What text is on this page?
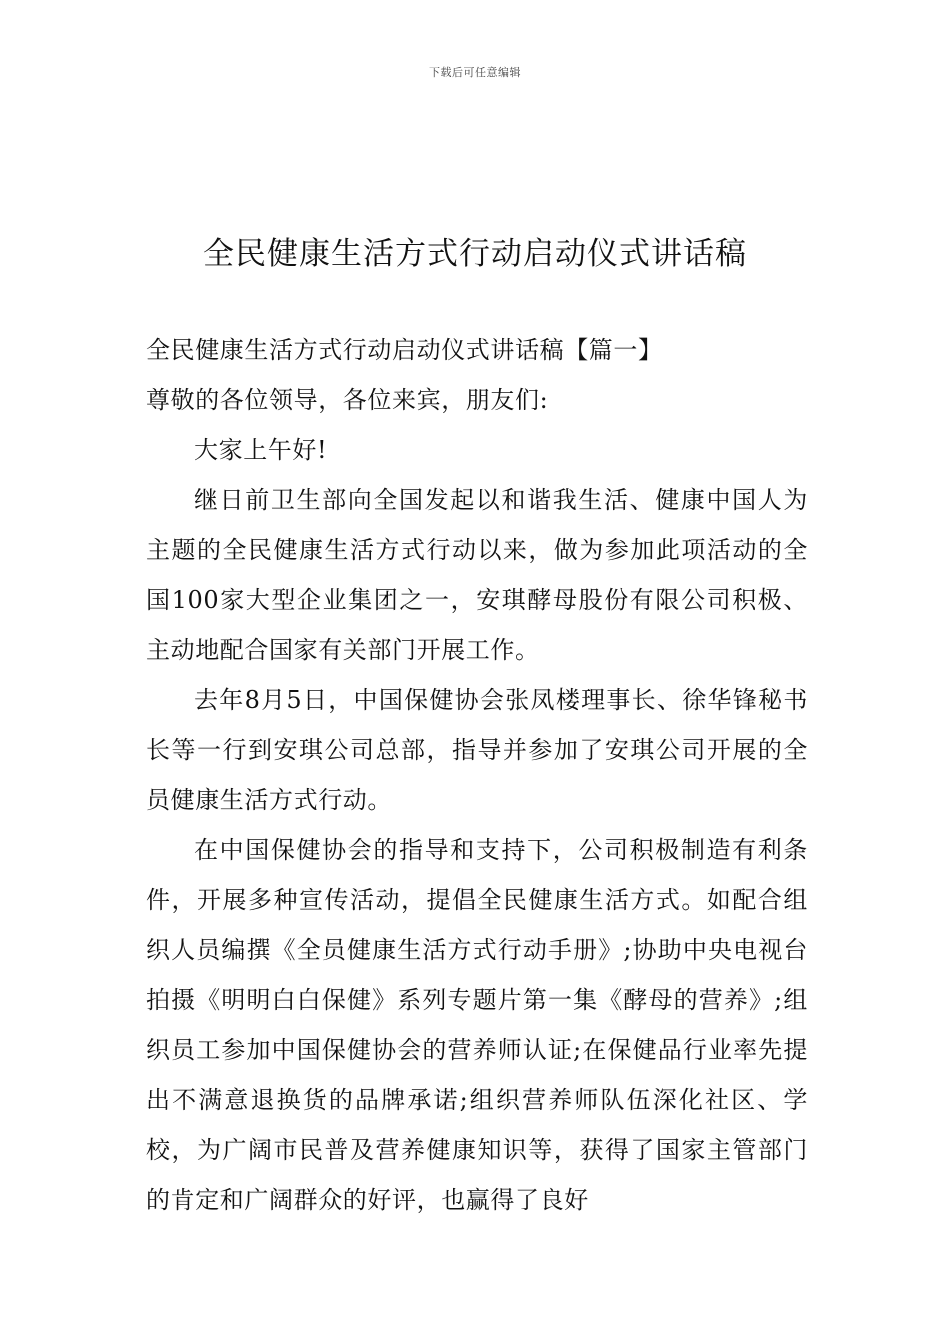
下载后可任意编辑
全民健康生活方式行动启动仪式讲话稿

全民健康生活方式行动启动仪式讲话稿【篇一】

尊敬的各位领导，各位来宾，朋友们:

大家上午好!

继日前卫生部向全国发起以和谐我生活、健康中国人为主题的全民健康生活方式行动以来，做为参加此项活动的全国100家大型企业集团之一，安琪酵母股份有限公司积极、主动地配合国家有关部门开展工作。

去年8月5日，中国保健协会张凤楼理事长、徐华锋秘书长等一行到安琪公司总部，指导并参加了安琪公司开展的全员健康生活方式行动。

在中国保健协会的指导和支持下，公司积极制造有利条件，开展多种宣传活动，提倡全民健康生活方式。如配合组织人员编撰《全员健康生活方式行动手册》;协助中央电视台拍摄《明明白白保健》系列专题片第一集《酵母的营养》;组织员工参加中国保健协会的营养师认证;在保健品行业率先提出不满意退换货的品牌承诺;组织营养师队伍深化社区、学校，为广阔市民普及营养健康知识等，获得了国家主管部门的肯定和广阔群众的好评，也赢得了良好
